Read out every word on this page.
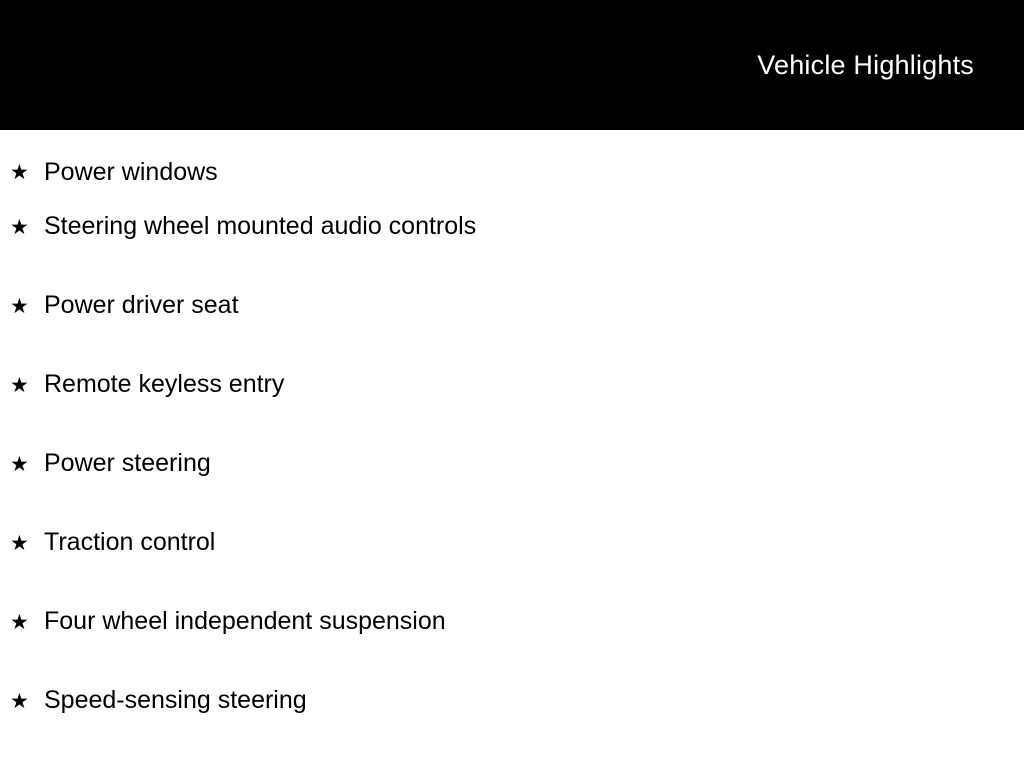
Vehicle Highlights
★ Power windows
★ Steering wheel mounted audio controls
★ Power driver seat
★ Remote keyless entry
★ Power steering
★ Traction control
★ Four wheel independent suspension
★ Speed-sensing steering
